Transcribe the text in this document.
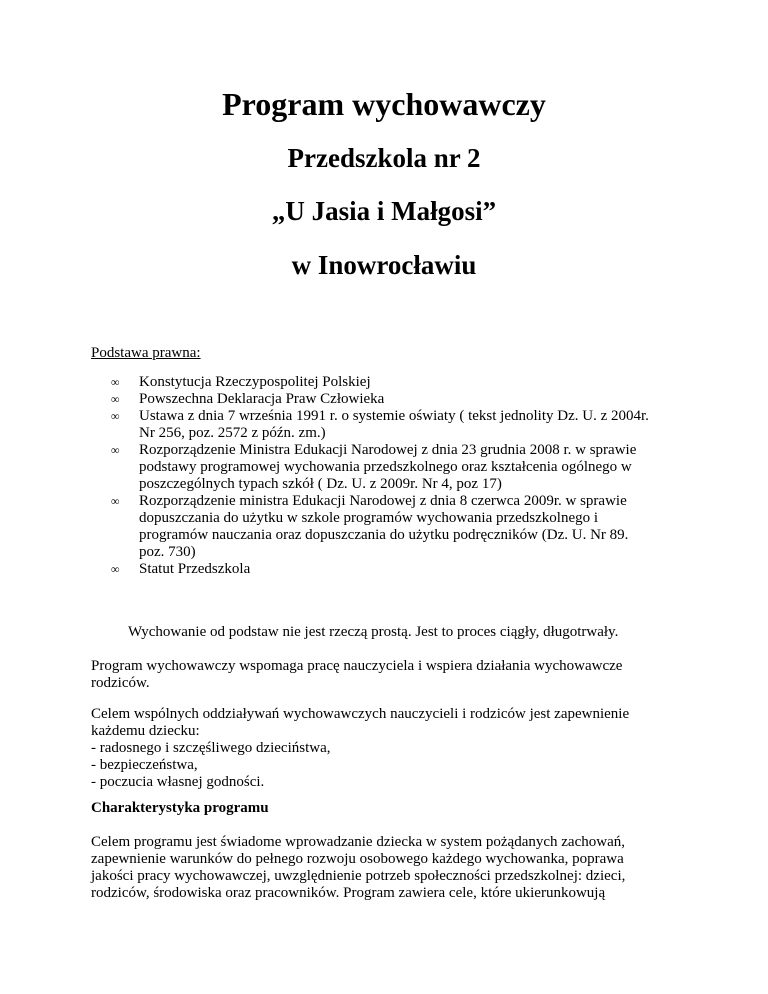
Program wychowawczy
Przedszkola nr 2
„U Jasia i Małgosi”
w Inowrocławiu
Podstawa prawna:
∞ Konstytucja Rzeczypospolitej Polskiej
∞ Powszechna Deklaracja Praw Człowieka
∞ Ustawa z dnia 7 września 1991 r. o systemie oświaty ( tekst jednolity Dz. U. z 2004r.
Nr 256, poz. 2572 z późn. zm.)
∞ Rozporządzenie Ministra Edukacji Narodowej z dnia 23 grudnia 2008 r. w sprawie
podstawy programowej wychowania przedszkolnego oraz kształcenia ogólnego w
poszczególnych typach szkół ( Dz. U. z 2009r. Nr 4, poz 17)
∞ Rozporządzenie ministra Edukacji Narodowej z dnia 8 czerwca 2009r. w sprawie
dopuszczania do użytku w szkole programów wychowania przedszkolnego i
programów nauczania oraz dopuszczania do użytku podręczników (Dz. U. Nr 89.
poz. 730)
∞ Statut Przedszkola

Wychowanie od podstaw nie jest rzeczą prostą. Jest to proces ciągły, długotrwały.

Program wychowawczy wspomaga pracę nauczyciela i wspiera działania wychowawcze
rodziców.

Celem wspólnych oddziaływań wychowawczych nauczycieli i rodziców jest zapewnienie
każdemu dziecku:
- radosnego i szczęśliwego dzieciństwa,
- bezpieczeństwa,
- poczucia własnej godności.

Charakterystyka programu

Celem programu jest świadome wprowadzanie dziecka w system pożądanych zachowań,
zapewnienie warunków do pełnego rozwoju osobowego każdego wychowanka, poprawa
jakości pracy wychowawczej, uwzględnienie potrzeb społeczności przedszkolnej: dzieci,
rodziców, środowiska oraz pracowników. Program zawiera cele, które ukierunkowują
